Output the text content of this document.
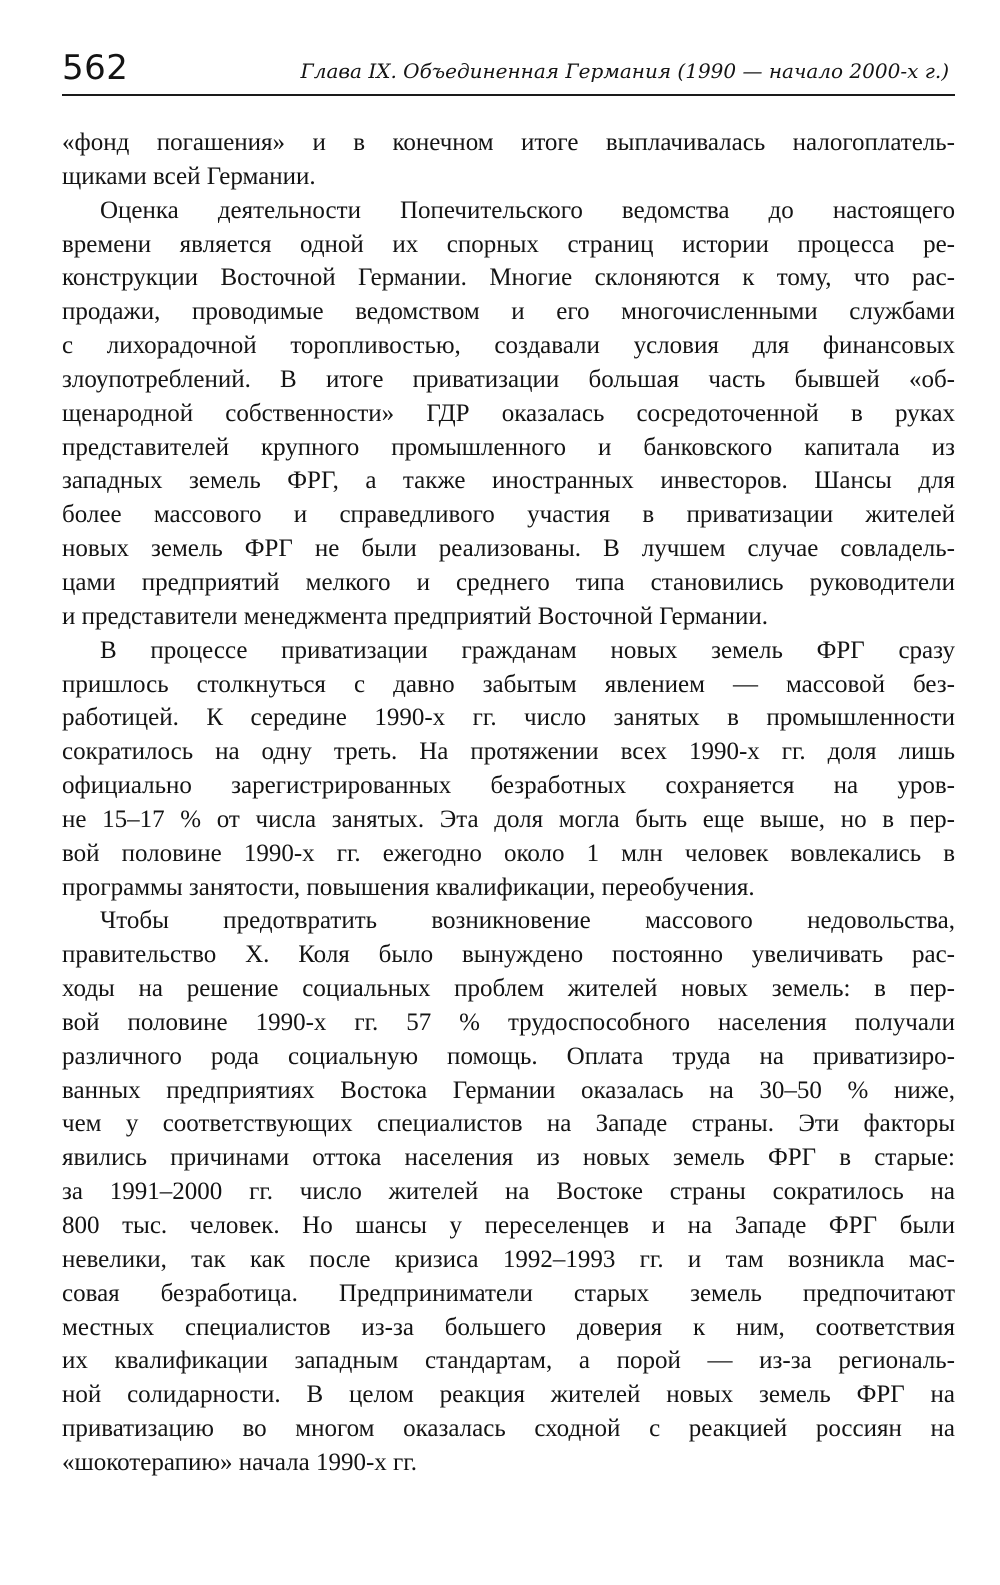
562	Глава IX. Объединенная Германия (1990 — начало 2000-х г.)
«фонд погашения» и в конечном итоге выплачивалась налогоплатель-
щиками всей Германии.
Оценка деятельности Попечительского ведомства до настоящего
времени является одной их спорных страниц истории процесса ре-
конструкции Восточной Германии. Многие склоняются к тому, что рас-
продажи, проводимые ведомством и его многочисленными службами
с лихорадочной торопливостью, создавали условия для финансовых
злоупотреблений. В итоге приватизации большая часть бывшей «об-
щенародной собственности» ГДР оказалась сосредоточенной в руках
представителей крупного промышленного и банковского капитала из
западных земель ФРГ, а также иностранных инвесторов. Шансы для
более массового и справедливого участия в приватизации жителей
новых земель ФРГ не были реализованы. В лучшем случае совладель-
цами предприятий мелкого и среднего типа становились руководители
и представители менеджмента предприятий Восточной Германии.
В процессе приватизации гражданам новых земель ФРГ сразу
пришлось столкнуться с давно забытым явлением — массовой без-
работицей. К середине 1990-х гг. число занятых в промышленности
сократилось на одну треть. На протяжении всех 1990-х гг. доля лишь
официально зарегистрированных безработных сохраняется на уров-
не 15–17 % от числа занятых. Эта доля могла быть еще выше, но в пер-
вой половине 1990-х гг. ежегодно около 1 млн человек вовлекались в
программы занятости, повышения квалификации, переобучения.
Чтобы предотвратить возникновение массового недовольства,
правительство Х. Коля было вынуждено постоянно увеличивать рас-
ходы на решение социальных проблем жителей новых земель: в пер-
вой половине 1990-х гг. 57 % трудоспособного населения получали
различного рода социальную помощь. Оплата труда на приватизиро-
ванных предприятиях Востока Германии оказалась на 30–50 % ниже,
чем у соответствующих специалистов на Западе страны. Эти факторы
явились причинами оттока населения из новых земель ФРГ в старые:
за 1991–2000 гг. число жителей на Востоке страны сократилось на
800 тыс. человек. Но шансы у переселенцев и на Западе ФРГ были
невелики, так как после кризиса 1992–1993 гг. и там возникла мас-
совая безработица. Предприниматели старых земель предпочитают
местных специалистов из-за большего доверия к ним, соответствия
их квалификации западным стандартам, а порой — из-за региональ-
ной солидарности. В целом реакция жителей новых земель ФРГ на
приватизацию во многом оказалась сходной с реакцией россиян на
«шокотерапию» начала 1990-х гг.
